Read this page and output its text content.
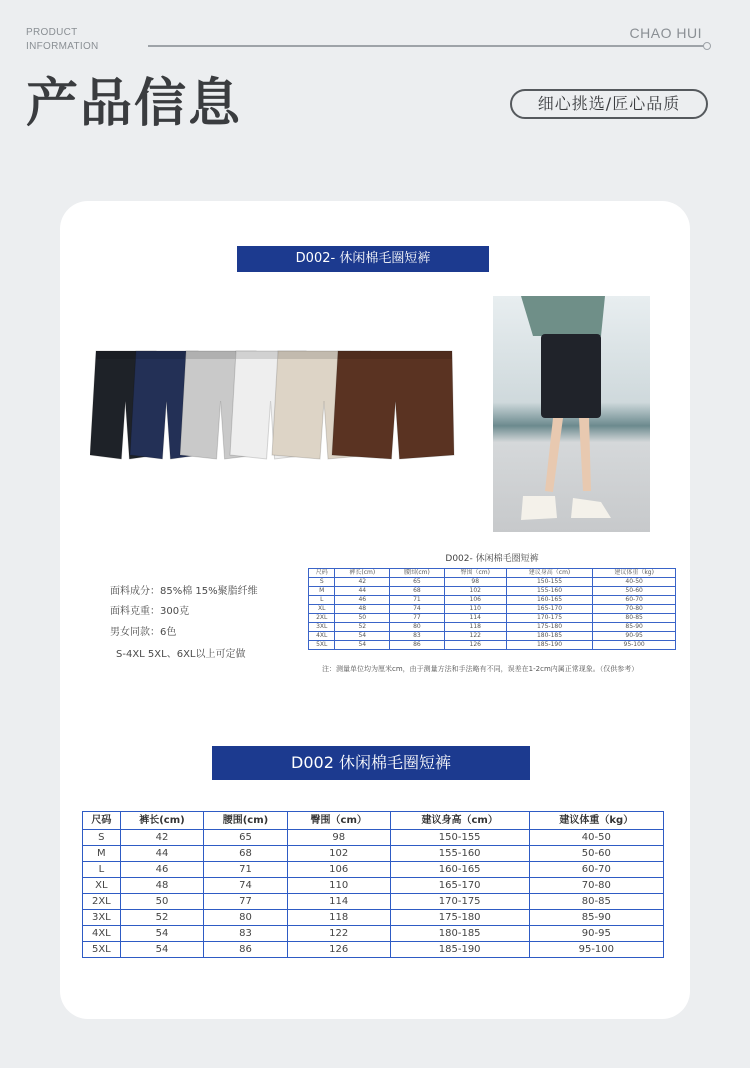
PRODUCT
INFORMATION
CHAO HUI
产品信息	细心挑选/匠心品质
D002- 休闲棉毛圈短裤
面料成分：85%棉 15%聚脂纤维
面料克重：300克
男女同款：6色
S-4XL 5XL、6XL以上可定做
D002- 休闲棉毛圈短裤
尺码	裤长(cm)	腰围(cm)	臀围（cm)	建议身高（cm)	建议体重（kg)
S	42	65	98	150-155	40-50
M	44	68	102	155-160	50-60
L	46	71	106	160-165	60-70
XL	48	74	110	165-170	70-80
2XL	50	77	114	170-175	80-85
3XL	52	80	118	175-180	85-90
4XL	54	83	122	180-185	90-95
5XL	54	86	126	185-190	95-100
注：测量单位均为厘米cm，由于测量方法和手法略有不同，误差在1-2cm内属正常现象。（仅供参考）
D002 休闲棉毛圈短裤
尺码	裤长(cm)	腰围(cm)	臀围（cm）	建议身高（cm）	建议体重（kg）
S	42	65	98	150-155	40-50
M	44	68	102	155-160	50-60
L	46	71	106	160-165	60-70
XL	48	74	110	165-170	70-80
2XL	50	77	114	170-175	80-85
3XL	52	80	118	175-180	85-90
4XL	54	83	122	180-185	90-95
5XL	54	86	126	185-190	95-100
